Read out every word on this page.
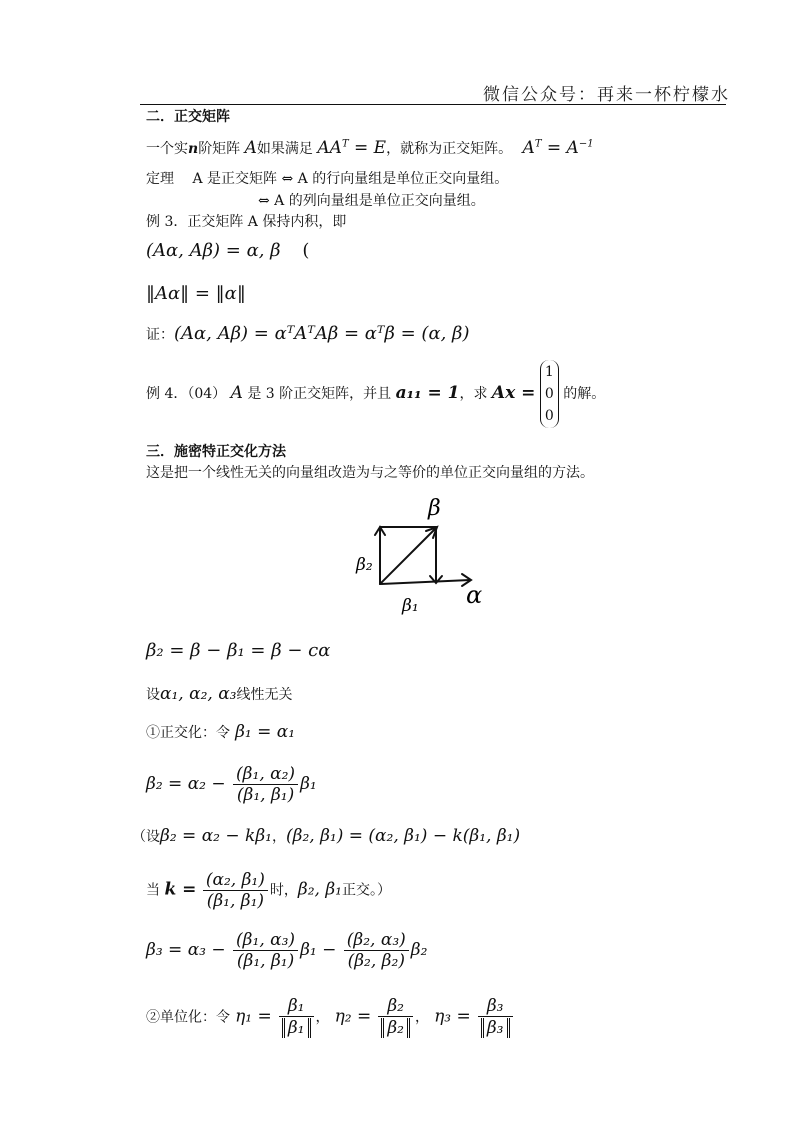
微信公众号：再来一杯柠檬水
二．正交矩阵
一个实n阶矩阵 A如果满足 $AA^T = E$，就称为正交矩阵。 $A^T = A^{-1}$
定理 A 是正交矩阵 ⇔ A 的行向量组是单位正交向量组。
⇔ A 的列向量组是单位正交向量组。
例 3．正交矩阵 A 保持内积，即
(Aα, Aβ) = α, β (
‖Aα‖ = ‖α‖
证：(Aα, Aβ) = αᵀAᵀAβ = αᵀβ = (α, β)
例 4．（04） A 是 3 阶正交矩阵，并且 a₁₁ = 1，求 Ax =
1
0
0
的解。
三．施密特正交化方法
这是把一个线性无关的向量组改造为与之等价的单位正交向量组的方法。
β
β₂
β₁ α
β₂ = β − β₁ = β − cα
设α₁, α₂, α₃线性无关
①正交化：令 β₁ = α₁
$\beta_2 = \alpha_2 - \frac{\text{(β₁, α₂)}}{\text{(β₁, β₁)}} \beta_1$
（设β₂ = α₂ − kβ₁，(β₂, β₁) = (α₂, β₁) − k(β₁, β₁)
当 $k = \frac{\text{(α₂, β₁)}}{\text{(β₁, β₁)}}$ 时，β₂, β₁正交。）
$\beta_3 = \alpha_3 - \frac{\text{(β₁, α₃)}}{\text{(β₁, β₁)}} \beta_1 - \frac{\text{(β₂, α₃)}}{\text{(β₂, β₂)}} \beta_2$
②单位化：令 $\eta_1 = \frac{\text{β₁}}{\text{β₁}}$ ， $\eta_2 = \frac{\text{β₂}}{\text{β₂}}$ ， $\eta_3 = \frac{\text{β₃}}{\text{β₃}}$
